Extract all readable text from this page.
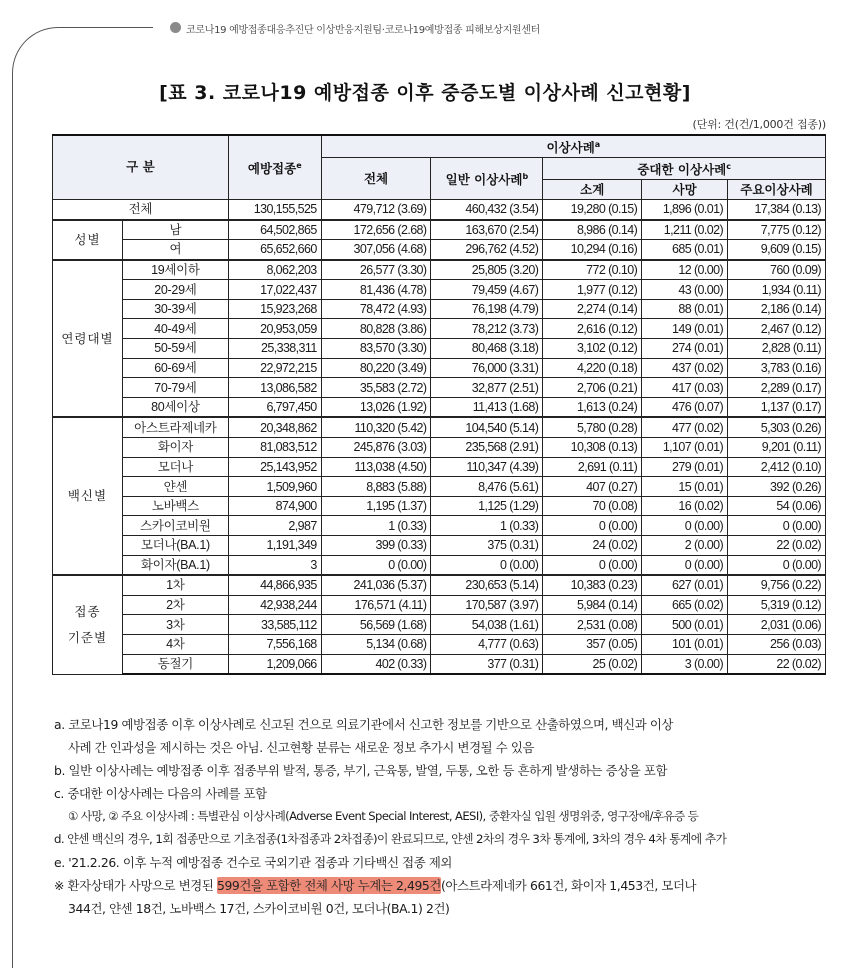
코로나19 예방접종대응추진단 이상반응지원팀·코로나19예방접종 피해보상지원센터
[표 3. 코로나19 예방접종 이후 중증도별 이상사례 신고현황]
(단위: 건(건/1,000건 접종))
구 분		예방접종$^e$	이상사례$^a$
			전체	일반 이상사례$^b$	중대한 이상사례$^c$
					소계	사망	주요이상사례
전체		130,155,525	479,712 (3.69)	460,432 (3.54)	19,280 (0.15)	1,896 (0.01)	17,384 (0.13)
성별	남	64,502,865	172,656 (2.68)	163,670 (2.54)	8,986 (0.14)	1,211 (0.02)	7,775 (0.12)
	여	65,652,660	307,056 (4.68)	296,762 (4.52)	10,294 (0.16)	685 (0.01)	9,609 (0.15)
연령대별	19세이하	8,062,203	26,577 (3.30)	25,805 (3.20)	772 (0.10)	12 (0.00)	760 (0.09)
	20-29세	17,022,437	81,436 (4.78)	79,459 (4.67)	1,977 (0.12)	43 (0.00)	1,934 (0.11)
	30-39세	15,923,268	78,472 (4.93)	76,198 (4.79)	2,274 (0.14)	88 (0.01)	2,186 (0.14)
	40-49세	20,953,059	80,828 (3.86)	78,212 (3.73)	2,616 (0.12)	149 (0.01)	2,467 (0.12)
	50-59세	25,338,311	83,570 (3.30)	80,468 (3.18)	3,102 (0.12)	274 (0.01)	2,828 (0.11)
	60-69세	22,972,215	80,220 (3.49)	76,000 (3.31)	4,220 (0.18)	437 (0.02)	3,783 (0.16)
	70-79세	13,086,582	35,583 (2.72)	32,877 (2.51)	2,706 (0.21)	417 (0.03)	2,289 (0.17)
	80세이상	6,797,450	13,026 (1.92)	11,413 (1.68)	1,613 (0.24)	476 (0.07)	1,137 (0.17)
백신별	아스트라제네카	20,348,862	110,320 (5.42)	104,540 (5.14)	5,780 (0.28)	477 (0.02)	5,303 (0.26)
	화이자	81,083,512	245,876 (3.03)	235,568 (2.91)	10,308 (0.13)	1,107 (0.01)	9,201 (0.11)
	모더나	25,143,952	113,038 (4.50)	110,347 (4.39)	2,691 (0.11)	279 (0.01)	2,412 (0.10)
	얀센	1,509,960	8,883 (5.88)	8,476 (5.61)	407 (0.27)	15 (0.01)	392 (0.26)
	노바백스	874,900	1,195 (1.37)	1,125 (1.29)	70 (0.08)	16 (0.02)	54 (0.06)
	스카이코비원	2,987	1 (0.33)	1 (0.33)	0 (0.00)	0 (0.00)	0 (0.00)
	모더나(BA.1)	1,191,349	399 (0.33)	375 (0.31)	24 (0.02)	2 (0.00)	22 (0.02)
	화이자(BA.1)	3	0 (0.00)	0 (0.00)	0 (0.00)	0 (0.00)	0 (0.00)

접종
기준별	1차	44,866,935	241,036 (5.37)	230,653 (5.14)	10,383 (0.23)	627 (0.01)	9,756 (0.22)
	2차	42,938,244	176,571 (4.11)	170,587 (3.97)	5,984 (0.14)	665 (0.02)	5,319 (0.12)
	3차	33,585,112	56,569 (1.68)	54,038 (1.61)	2,531 (0.08)	500 (0.01)	2,031 (0.06)
	4차	7,556,168	5,134 (0.68)	4,777 (0.63)	357 (0.05)	101 (0.01)	256 (0.03)
	동절기	1,209,066	402 (0.33)	377 (0.31)	25 (0.02)	3 (0.00)	22 (0.02)
a. 코로나19 예방접종 이후 이상사례로 신고된 건으로 의료기관에서 신고한 정보를 기반으로 산출하였으며, 백신과 이상
사례 간 인과성을 제시하는 것은 아님. 신고현황 분류는 새로운 정보 추가시 변경될 수 있음
b. 일반 이상사례는 예방접종 이후 접종부위 발적, 통증, 부기, 근육통, 발열, 두통, 오한 등 흔하게 발생하는 증상을 포함
c. 중대한 이상사례는 다음의 사례를 포함
① 사망, ② 주요 이상사례 : 특별관심 이상사례(Adverse Event Special Interest, AESI), 중환자실 입원 생명위중, 영구장애/후유증 등
d. 얀센 백신의 경우, 1회 접종만으로 기초접종(1차접종과 2차접종)이 완료되므로, 얀센 2차의 경우 3차 통계에, 3차의 경우 4차 통계에 추가
e. '21.2.26. 이후 누적 예방접종 건수로 국외기관 접종과 기타백신 접종 제외
※ 환자상태가 사망으로 변경된 599건을 포함한 전체 사망 누계는 2,495건(아스트라제네카 661건, 화이자 1,453건, 모더나
344건, 얀센 18건, 노바백스 17건, 스카이코비원 0건, 모더나(BA.1) 2건)
